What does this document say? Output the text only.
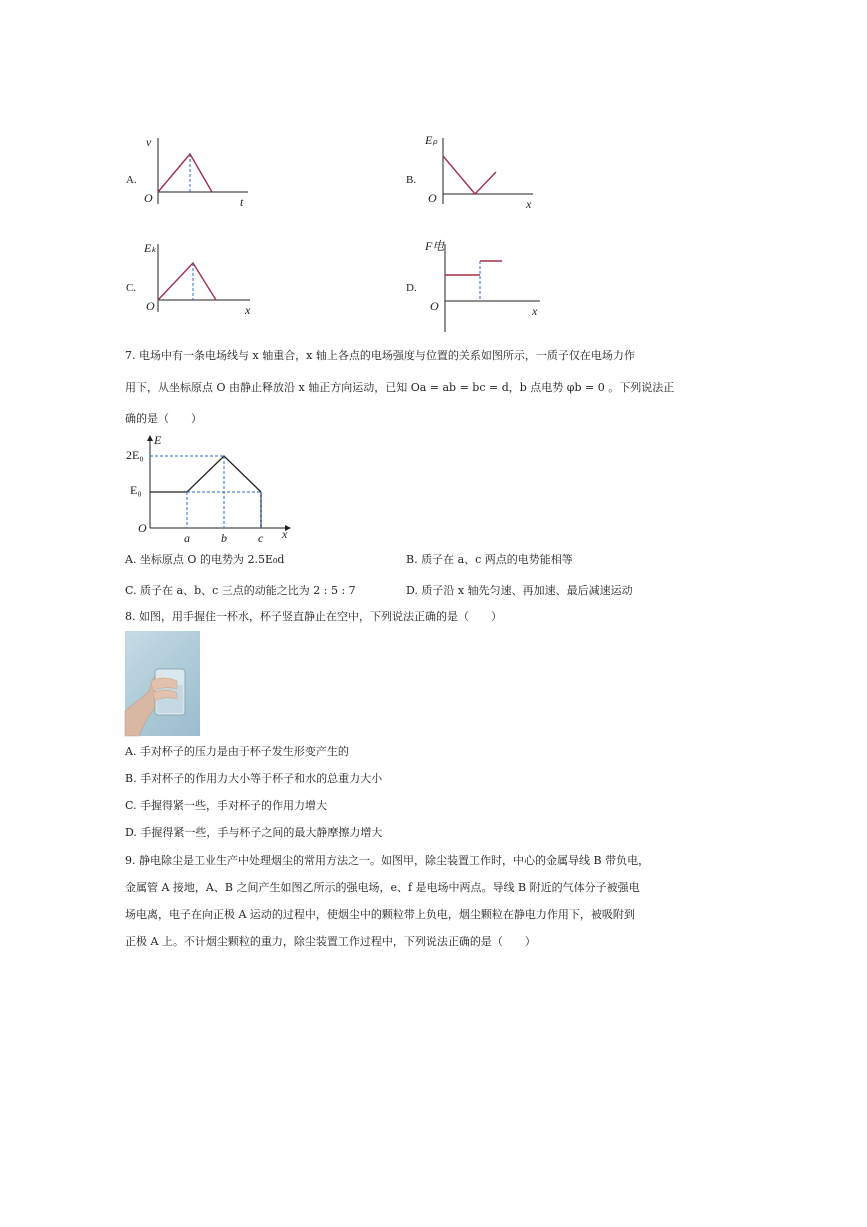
A.
v
t
O
B.
Eₚ
x
O
C.
Eₖ
x
O
D.
F电
x
O
7. 电场中有一条电场线与 x 轴重合，x 轴上各点的电场强度与位置的关系如图所示，一质子仅在电场力作
用下，从坐标原点 O 由静止释放沿 x 轴正方向运动，已知 Oa = ab = bc = d，b 点电势 φb = 0 。下列说法正
确的是（　　）
E
x
O
2E₀
E₀
a	b	c
A. 坐标原点 O 的电势为 2.5E₀d	B. 质子在 a、c 两点的电势能相等
C. 质子在 a、b、c 三点的动能之比为 2 : 5 : 7	D. 质子沿 x 轴先匀速、再加速、最后减速运动
8. 如图，用手握住一杯水，杯子竖直静止在空中，下列说法正确的是（　　）
A. 手对杯子的压力是由于杯子发生形变产生的
B. 手对杯子的作用力大小等于杯子和水的总重力大小
C. 手握得紧一些，手对杯子的作用力增大
D. 手握得紧一些，手与杯子之间的最大静摩擦力增大
9. 静电除尘是工业生产中处理烟尘的常用方法之一。如图甲，除尘装置工作时，中心的金属导线 B 带负电，
金属管 A 接地，A、B 之间产生如图乙所示的强电场，e、f 是电场中两点。导线 B 附近的气体分子被强电
场电离，电子在向正极 A 运动的过程中，使烟尘中的颗粒带上负电，烟尘颗粒在静电力作用下，被吸附到
正极 A 上。不计烟尘颗粒的重力，除尘装置工作过程中，下列说法正确的是（　　）
